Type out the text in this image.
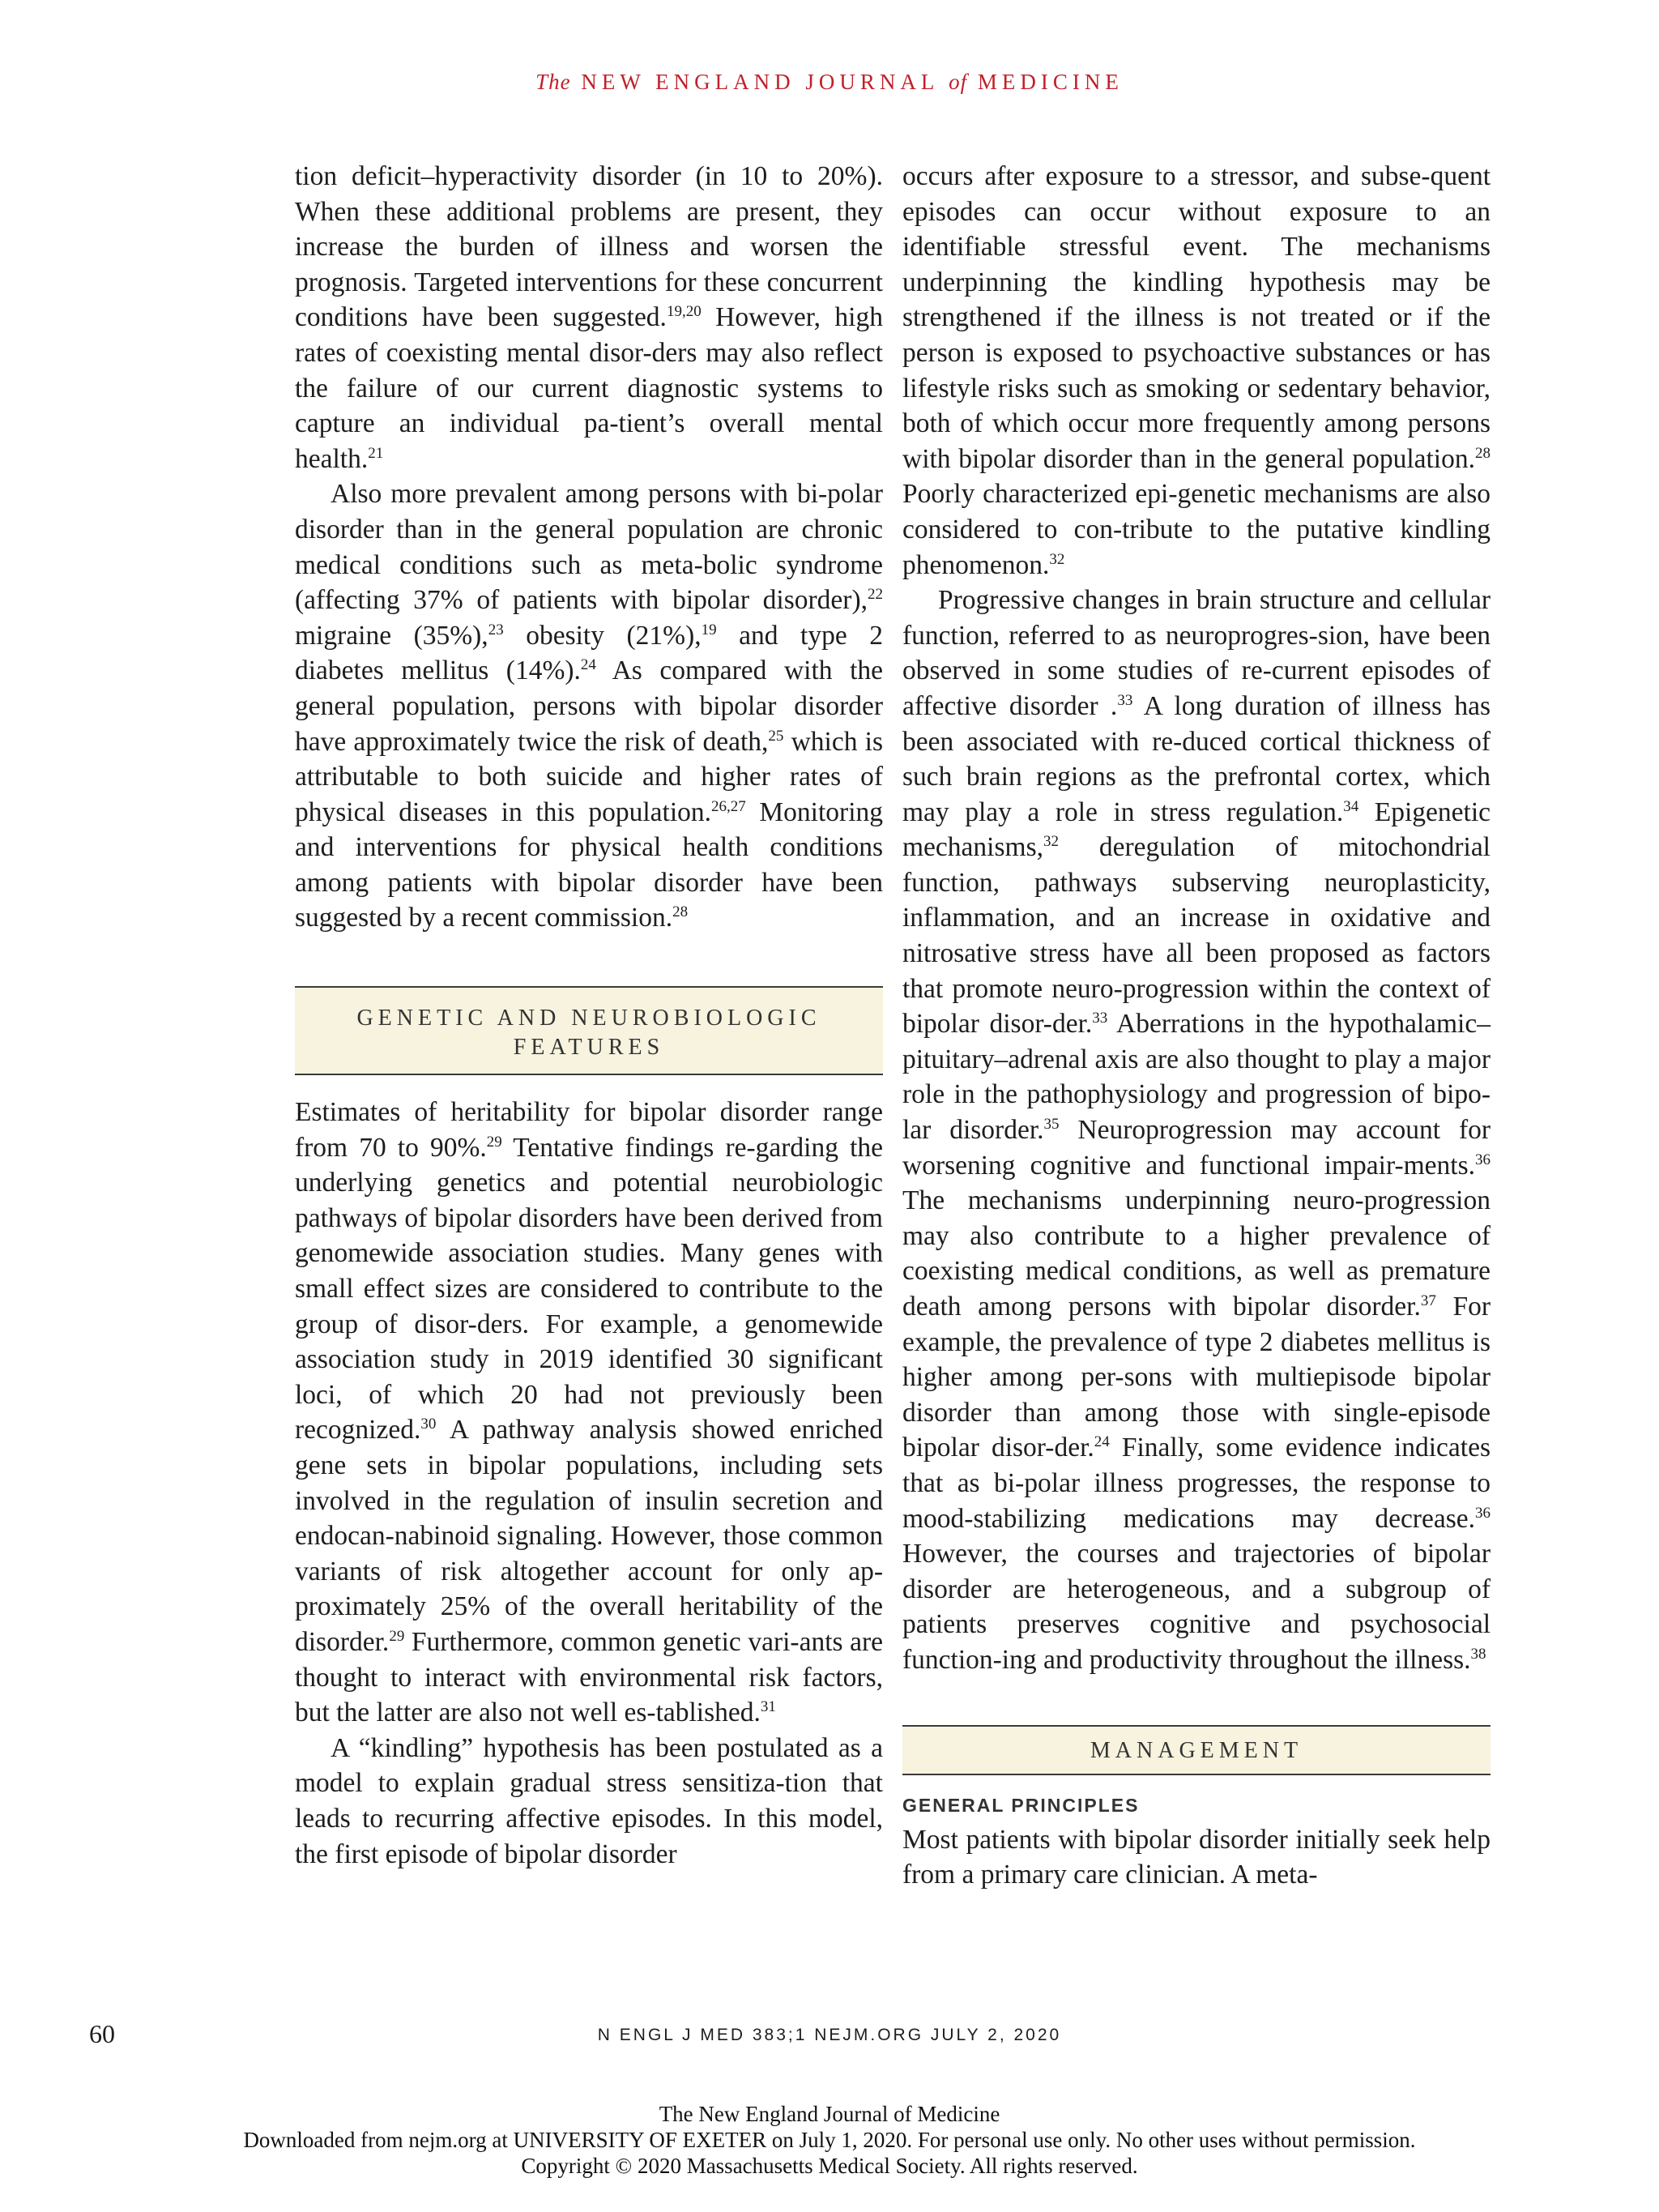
The NEW ENGLAND JOURNAL of MEDICINE

tion deficit–hyperactivity disorder (in 10 to 20%). When these additional problems are present, they increase the burden of illness and worsen the prognosis. Targeted interventions for these concurrent conditions have been suggested.$^{19,20}$ However, high rates of coexisting mental disor-ders may also reflect the failure of our current diagnostic systems to capture an individual pa-tient’s overall mental health.$^{21}$

Also more prevalent among persons with bi-polar disorder than in the general population are chronic medical conditions such as meta-bolic syndrome (affecting 37% of patients with bipolar disorder),$^{22}$ migraine (35%),$^{23}$ obesity (21%),$^{19}$ and type 2 diabetes mellitus (14%).$^{24}$ As compared with the general population, persons with bipolar disorder have approximately twice the risk of death,$^{25}$ which is attributable to both suicide and higher rates of physical diseases in this population.$^{26,27}$ Monitoring and interventions for physical health conditions among patients with bipolar disorder have been suggested by a recent commission.$^{28}$

GENETIC AND NEUROBIOLOGIC FEATURES

Estimates of heritability for bipolar disorder range from 70 to 90%.$^{29}$ Tentative findings re-garding the underlying genetics and potential neurobiologic pathways of bipolar disorders have been derived from genomewide association studies. Many genes with small effect sizes are considered to contribute to the group of disor-ders. For example, a genomewide association study in 2019 identified 30 significant loci, of which 20 had not previously been recognized.$^{30}$ A pathway analysis showed enriched gene sets in bipolar populations, including sets involved in the regulation of insulin secretion and endocan-nabinoid signaling. However, those common variants of risk altogether account for only ap-proximately 25% of the overall heritability of the disorder.$^{29}$ Furthermore, common genetic vari-ants are thought to interact with environmental risk factors, but the latter are also not well es-tablished.$^{31}$

A “kindling” hypothesis has been postulated as a model to explain gradual stress sensitiza-tion that leads to recurring affective episodes. In this model, the first episode of bipolar disorder

occurs after exposure to a stressor, and subse-quent episodes can occur without exposure to an identifiable stressful event. The mechanisms underpinning the kindling hypothesis may be strengthened if the illness is not treated or if the person is exposed to psychoactive substances or has lifestyle risks such as smoking or sedentary behavior, both of which occur more frequently among persons with bipolar disorder than in the general population.$^{28}$ Poorly characterized epi-genetic mechanisms are also considered to con-tribute to the putative kindling phenomenon.$^{32}$

Progressive changes in brain structure and cellular function, referred to as neuroprogres-sion, have been observed in some studies of re-current episodes of affective disorder .$^{33}$ A long duration of illness has been associated with re-duced cortical thickness of such brain regions as the prefrontal cortex, which may play a role in stress regulation.$^{34}$ Epigenetic mechanisms,$^{32}$ deregulation of mitochondrial function, pathways subserving neuroplasticity, inflammation, and an increase in oxidative and nitrosative stress have all been proposed as factors that promote neuro-progression within the context of bipolar disor-der.$^{33}$ Aberrations in the hypothalamic–pituitary–adrenal axis are also thought to play a major role in the pathophysiology and progression of bipo-lar disorder.$^{35}$ Neuroprogression may account for worsening cognitive and functional impair-ments.$^{36}$ The mechanisms underpinning neuro-progression may also contribute to a higher prevalence of coexisting medical conditions, as well as premature death among persons with bipolar disorder.$^{37}$ For example, the prevalence of type 2 diabetes mellitus is higher among per-sons with multiepisode bipolar disorder than among those with single-episode bipolar disor-der.$^{24}$ Finally, some evidence indicates that as bi-polar illness progresses, the response to mood-stabilizing medications may decrease.$^{36}$ However, the courses and trajectories of bipolar disorder are heterogeneous, and a subgroup of patients preserves cognitive and psychosocial function-ing and productivity throughout the illness.$^{38}$

MANAGEMENT
GENERAL PRINCIPLES

Most patients with bipolar disorder initially seek help from a primary care clinician. A meta-

60	N ENGL J MED 383;1 NEJM.ORG JULY 2, 2020
The New England Journal of Medicine
Downloaded from nejm.org at UNIVERSITY OF EXETER on July 1, 2020. For personal use only. No other uses without permission.
Copyright © 2020 Massachusetts Medical Society. All rights reserved.
